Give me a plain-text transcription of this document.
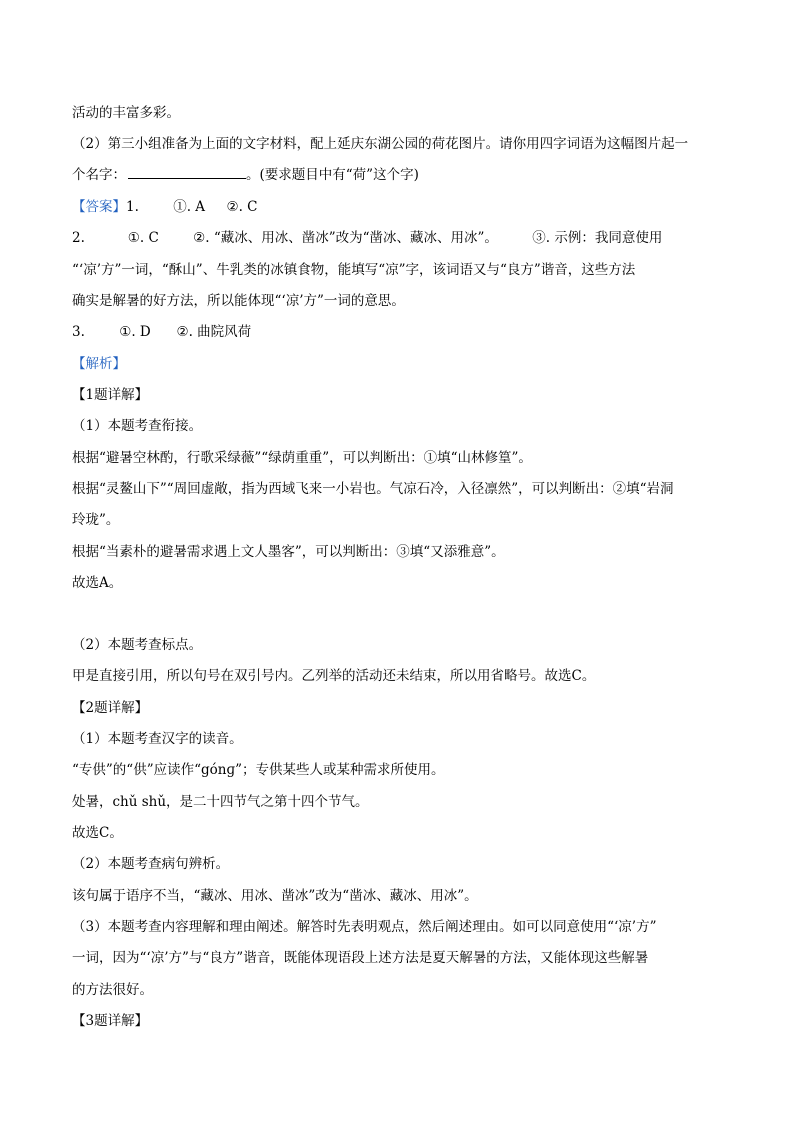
活动的丰富多彩。
（2）第三小组准备为上面的文字材料，配上延庆东湖公园的荷花图片。请你用四字词语为这幅图片起一
个名字：	。(要求题目中有“荷”这个字)
【答案】1.        ①. A     ②. C
2.          ①. C        ②. “藏冰、用冰、凿冰”改为“凿冰、藏冰、用冰”。        ③. 示例：我同意使用
“‘凉’方”一词，“酥山”、牛乳类的冰镇食物，能填写“凉”字，该词语又与“良方”谐音，这些方法
确实是解暑的好方法，所以能体现“‘凉’方”一词的意思。
3.        ①. D      ②. 曲院风荷
【解析】
【1题详解】
（1）本题考查衔接。
根据“避暑空林酌，行歌采绿薇”“绿荫重重”，可以判断出：①填“山林修篁”。
根据“灵鳌山下”“周回虚敞，指为西域飞来一小岩也。气凉石冷，入径凛然”，可以判断出：②填“岩洞
玲珑”。
根据“当素朴的避暑需求遇上文人墨客”，可以判断出：③填“又添雅意”。
故选A。
（2）本题考查标点。
甲是直接引用，所以句号在双引号内。乙列举的活动还未结束，所以用省略号。故选C。
【2题详解】
（1）本题考查汉字的读音。
“专供”的“供”应读作“gónɡ”；专供某些人或某种需求所使用。
处暑，chǔ shǔ，是二十四节气之第十四个节气。
故选C。
（2）本题考查病句辨析。
该句属于语序不当，“藏冰、用冰、凿冰”改为“凿冰、藏冰、用冰”。
（3）本题考查内容理解和理由阐述。解答时先表明观点，然后阐述理由。如可以同意使用“‘凉’方”
一词，因为“‘凉’方”与“良方”谐音，既能体现语段上述方法是夏天解暑的方法，又能体现这些解暑
的方法很好。
【3题详解】
